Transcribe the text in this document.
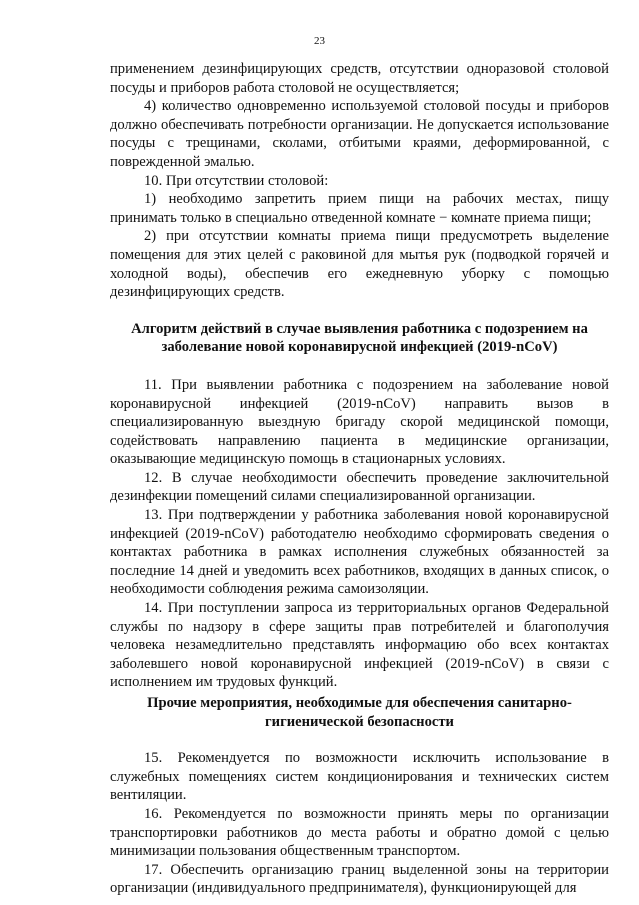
23

применением дезинфицирующих средств, отсутствии одноразовой столовой посуды и приборов работа столовой не осуществляется;

4) количество одновременно используемой столовой посуды и приборов должно обеспечивать потребности организации. Не допускается использование посуды с трещинами, сколами, отбитыми краями, деформированной, с поврежденной эмалью.

10. При отсутствии столовой:

1) необходимо запретить прием пищи на рабочих местах, пищу принимать только в специально отведенной комнате − комнате приема пищи;

2) при отсутствии комнаты приема пищи предусмотреть выделение помещения для этих целей с раковиной для мытья рук (подводкой горячей и холодной воды), обеспечив его ежедневную уборку с помощью дезинфицирующих средств.

Алгоритм действий в случае выявления работника с подозрением на заболевание новой коронавирусной инфекцией (2019-nCoV)

11. При выявлении работника с подозрением на заболевание новой коронавирусной инфекцией (2019-nCoV) направить вызов в специализированную выездную бригаду скорой медицинской помощи, содействовать направлению пациента в медицинские организации, оказывающие медицинскую помощь в стационарных условиях.

12. В случае необходимости обеспечить проведение заключительной дезинфекции помещений силами специализированной организации.

13. При подтверждении у работника заболевания новой коронавирусной инфекцией (2019-nCoV) работодателю необходимо сформировать сведения о контактах работника в рамках исполнения служебных обязанностей за последние 14 дней и уведомить всех работников, входящих в данных список, о необходимости соблюдения режима самоизоляции.

14. При поступлении запроса из территориальных органов Федеральной службы по надзору в сфере защиты прав потребителей и благополучия человека незамедлительно представлять информацию обо всех контактах заболевшего новой коронавирусной инфекцией (2019-nCoV) в связи с исполнением им трудовых функций.

Прочие мероприятия, необходимые для обеспечения санитарно-гигиенической безопасности

15. Рекомендуется по возможности исключить использование в служебных помещениях систем кондиционирования и технических систем вентиляции.

16. Рекомендуется по возможности принять меры по организации транспортировки работников до места работы и обратно домой с целью минимизации пользования общественным транспортом.

17. Обеспечить организацию границ выделенной зоны на территории организации (индивидуального предпринимателя), функционирующей для
